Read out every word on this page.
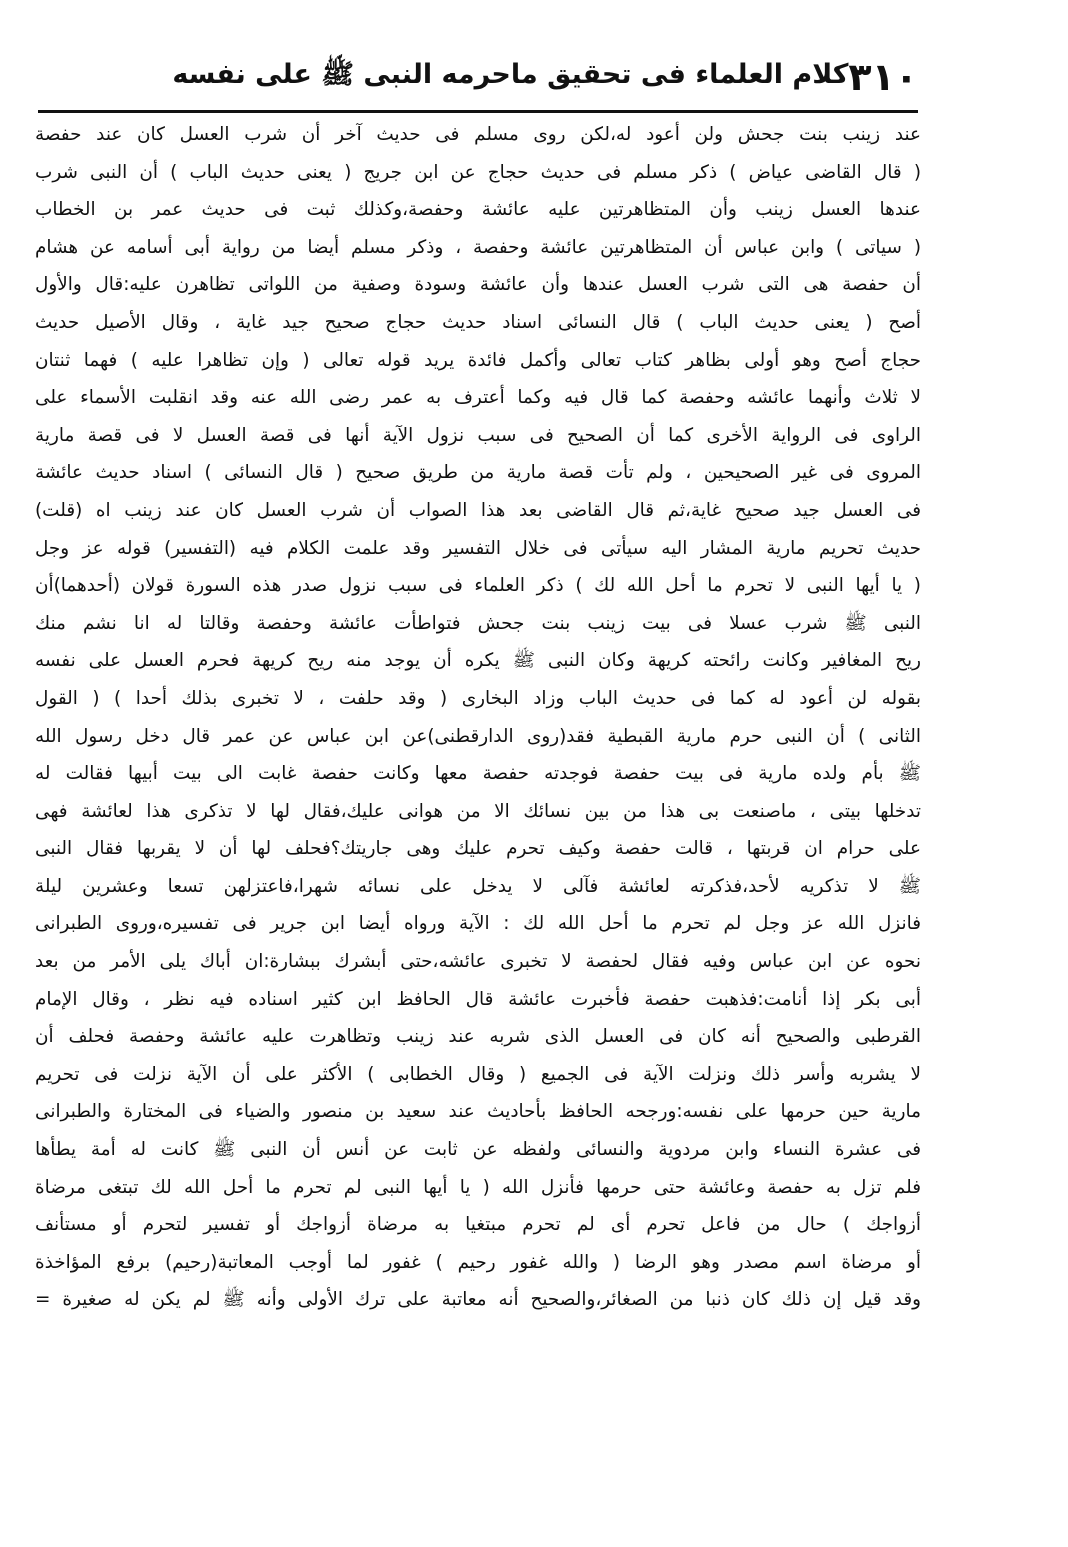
٣١٠
كلام العلماء فى تحقيق ماحرمه النبى ﷺ على نفسه
عند زينب بنت جحش ولن أعود له،لكن روى مسلم فى حديث آخر أن شرب العسل كان عند حفصة
( قال القاضى عياض ) ذكر مسلم فى حديث حجاج عن ابن جريج ( يعنى حديث الباب ) أن النبى شرب
عندها العسل زينب وأن المتظاهرتين عليه عائشة وحفصة،وكذلك ثبت فى حديث عمر بن الخطاب
( سياتى ) وابن عباس أن المتظاهرتين عائشة وحفصة ، وذكر مسلم أيضا من رواية أبى أسامه عن هشام
أن حفصة هى التى شرب العسل عندها وأن عائشة وسودة وصفية من اللواتى تظاهرن عليه:قال والأول
أصح ( يعنى حديث الباب ) قال النسائى اسناد حديث حجاج صحيح جيد غاية ، وقال الأصيل حديث
حجاج أصح وهو أولى بظاهر كتاب تعالى وأكمل فائدة يريد قوله تعالى ( وإن تظاهرا عليه ) فهما ثنتان
لا ثلاث وأنهما عائشه وحفصة كما قال فيه وكما أعترف به عمر رضى الله عنه وقد انقلبت الأسماء على
الراوى فى الرواية الأخرى كما أن الصحيح فى سبب نزول الآية أنها فى قصة العسل لا فى قصة مارية
المروى فى غير الصحيحين ، ولم تأت قصة مارية من طريق صحيح ( قال النسائى ) اسناد حديث عائشة
فى العسل جيد صحيح غاية،ثم قال القاضى بعد هذا الصواب أن شرب العسل كان عند زينب اه (قلت)
حديث تحريم مارية المشار اليه سيأتى فى خلال التفسير وقد علمت الكلام فيه (التفسير) قوله عز وجل
( يا أيها النبى لا تحرم ما أحل الله لك ) ذكر العلماء فى سبب نزول صدر هذه السورة قولان (أحدهما)أن
النبى ﷺ شرب عسلا فى بيت زينب بنت جحش فتواطأت عائشة وحفصة وقالتا له انا نشم منك
ريح المغافير وكانت رائحته كريهة وكان النبى ﷺ يكره أن يوجد منه ريح كريهة فحرم العسل على نفسه
بقوله لن أعود له كما فى حديث الباب وزاد البخارى ( وقد حلفت ، لا تخبرى بذلك أحدا ) ( القول
الثانى ) أن النبى حرم مارية القبطية فقد(روى الدارقطنى)عن ابن عباس عن عمر قال دخل رسول الله
ﷺ بأم ولده مارية فى بيت حفصة فوجدته حفصة معها وكانت حفصة غابت الى بيت أبيها فقالت له
تدخلها بيتى ، ماصنعت بى هذا من بين نسائك الا من هوانى عليك،فقال لها لا تذكرى هذا لعائشة فهى
على حرام ان قربتها ، قالت حفصة وكيف تحرم عليك وهى جاريتك؟فحلف لها أن لا يقربها فقال النبى
ﷺ لا تذكريه لأحد،فذكرته لعائشة فآلى لا يدخل على نسائه شهرا،فاعتزلهن تسعا وعشرين ليلة
فانزل الله عز وجل لم تحرم ما أحل الله لك : الآية ورواه أيضا ابن جرير فى تفسيره،وروى الطبرانى
نحوه عن ابن عباس وفيه فقال لحفصة لا تخبرى عائشه،حتى أبشرك ببشارة:ان أباك يلى الأمر من بعد
أبى بكر إذا أنامت:فذهبت حفصة فأخبرت عائشة قال الحافظ ابن كثير اسناده فيه نظر ، وقال الإمام
القرطبى والصحيح أنه كان فى العسل الذى شربه عند زينب وتظاهرت عليه عائشة وحفصة فحلف أن
لا يشربه وأسر ذلك ونزلت الآية فى الجميع ( وقال الخطابى ) الأكثر على أن الآية نزلت فى تحريم
مارية حين حرمها على نفسه:ورجحه الحافظ بأحاديث عند سعيد بن منصور والضياء فى المختارة والطبرانى
فى عشرة النساء وابن مردوية والنسائى ولفظه عن ثابت عن أنس أن النبى ﷺ كانت له أمة يطأها
فلم تزل به حفصة وعائشة حتى حرمها فأنزل الله ( يا أيها النبى لم تحرم ما أحل الله لك تبتغى مرضاة
أزواجك ) حال من فاعل تحرم أى لم تحرم مبتغيا به مرضاة أزواجك أو تفسير لتحرم أو مستأنف
أو مرضاة اسم مصدر وهو الرضا ( والله غفور رحيم ) غفور لما أوجب المعاتبة(رحيم) برفع المؤاخذة
وقد قيل إن ذلك كان ذنبا من الصغائر،والصحيح أنه معاتبة على ترك الأولى وأنه ﷺ لم يكن له صغيرة =
